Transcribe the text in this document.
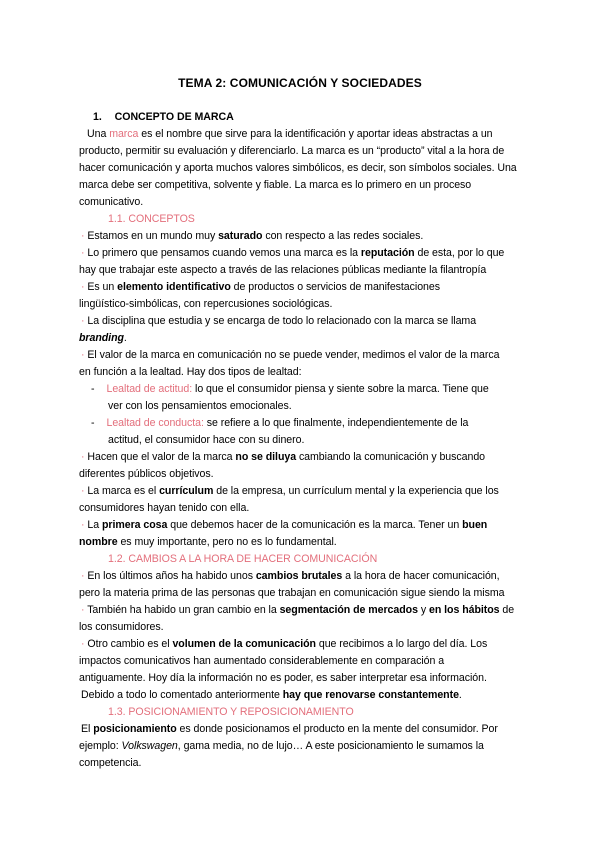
TEMA 2: COMUNICACIÓN Y SOCIEDADES
1. CONCEPTO DE MARCA
Una marca es el nombre que sirve para la identificación y aportar ideas abstractas a un
producto, permitir su evaluación y diferenciarlo. La marca es un “producto” vital a la hora de
hacer comunicación y aporta muchos valores simbólicos, es decir, son símbolos sociales. Una
marca debe ser competitiva, solvente y fiable. La marca es lo primero en un proceso
comunicativo.
1.1. CONCEPTOS
· Estamos en un mundo muy saturado con respecto a las redes sociales.
· Lo primero que pensamos cuando vemos una marca es la reputación de esta, por lo que
hay que trabajar este aspecto a través de las relaciones públicas mediante la filantropía
· Es un elemento identificativo de productos o servicios de manifestaciones
lingüístico-simbólicas, con repercusiones sociológicas.
· La disciplina que estudia y se encarga de todo lo relacionado con la marca se llama
branding.
· El valor de la marca en comunicación no se puede vender, medimos el valor de la marca
en función a la lealtad. Hay dos tipos de lealtad:
- Lealtad de actitud: lo que el consumidor piensa y siente sobre la marca. Tiene que
ver con los pensamientos emocionales.
- Lealtad de conducta: se refiere a lo que finalmente, independientemente de la
actitud, el consumidor hace con su dinero.
· Hacen que el valor de la marca no se diluya cambiando la comunicación y buscando
diferentes públicos objetivos.
· La marca es el currículum de la empresa, un currículum mental y la experiencia que los
consumidores hayan tenido con ella.
· La primera cosa que debemos hacer de la comunicación es la marca. Tener un buen
nombre es muy importante, pero no es lo fundamental.
1.2. CAMBIOS A LA HORA DE HACER COMUNICACIÓN
· En los últimos años ha habido unos cambios brutales a la hora de hacer comunicación,
pero la materia prima de las personas que trabajan en comunicación sigue siendo la misma
· También ha habido un gran cambio en la segmentación de mercados y en los hábitos de
los consumidores.
· Otro cambio es el volumen de la comunicación que recibimos a lo largo del día. Los
impactos comunicativos han aumentado considerablemente en comparación a
antiguamente. Hoy día la información no es poder, es saber interpretar esa información.
Debido a todo lo comentado anteriormente hay que renovarse constantemente.
1.3. POSICIONAMIENTO Y REPOSICIONAMIENTO
El posicionamiento es donde posicionamos el producto en la mente del consumidor. Por
ejemplo: Volkswagen, gama media, no de lujo… A este posicionamiento le sumamos la
competencia.
